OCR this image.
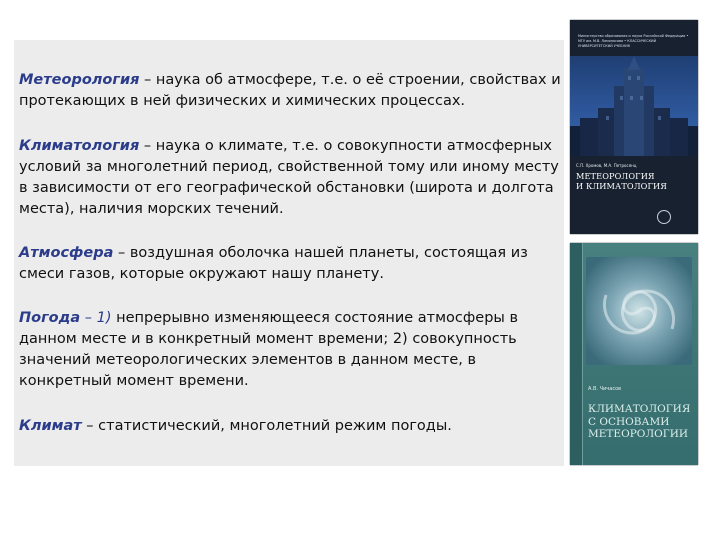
Метеорология – наука об атмосфере, т.е. о её строении, свойствах и протекающих в ней физических и химических процессах.

Климатология – наука о климате, т.е. о совокупности атмосферных условий за многолетний период, свойственной тому или иному месту в зависимости от его географической обстановки (широта и долгота места), наличия морских течений.

Атмосфера – воздушная оболочка нашей планеты, состоящая из смеси газов, которые окружают нашу планету.

Погода – 1) непрерывно изменяющееся состояние атмосферы в данном месте и в конкретный момент времени; 2) совокупность значений метеорологических элементов в данном месте, в конкретный момент времени.

Климат – статистический, многолетний режим погоды.

Министерство образования и науки Российской Федерации • МГУ им. М.В. Ломоносова • КЛАССИЧЕСКИЙ УНИВЕРСИТЕТСКИЙ УЧЕБНИК
С.П. Хромов, М.А. Петросянц
МЕТЕОРОЛОГИЯ
И КЛИМАТОЛОГИЯ
А.В. Чичасов
КЛИМАТОЛОГИЯ
С ОСНОВАМИ
МЕТЕОРОЛОГИИ
